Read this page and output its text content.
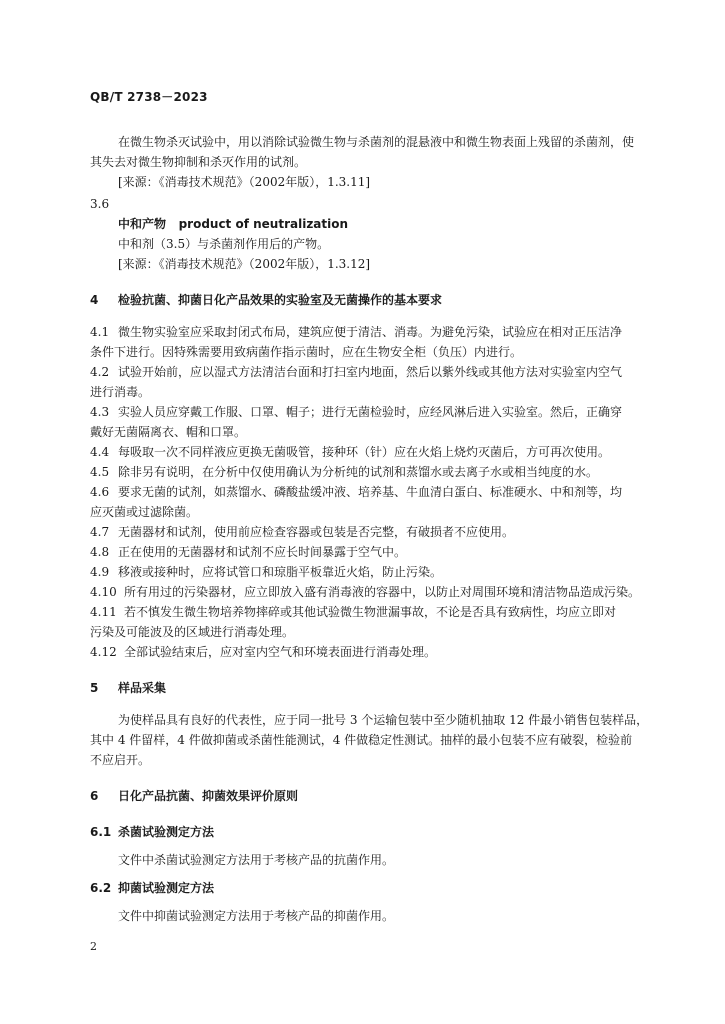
QB/T 2738－2023
在微生物杀灭试验中，用以消除试验微生物与杀菌剂的混悬液中和微生物表面上残留的杀菌剂，使
其失去对微生物抑制和杀灭作用的试剂。
[来源：《消毒技术规范》（2002年版），1.3.11]
3.6
中和产物 product of neutralization
中和剂（3.5）与杀菌剂作用后的产物。
[来源：《消毒技术规范》（2002年版），1.3.12]
4 检验抗菌、抑菌日化产品效果的实验室及无菌操作的基本要求
4.1 微生物实验室应采取封闭式布局，建筑应便于清洁、消毒。为避免污染，试验应在相对正压洁净
条件下进行。因特殊需要用致病菌作指示菌时，应在生物安全柜（负压）内进行。
4.2 试验开始前，应以湿式方法清洁台面和打扫室内地面，然后以紫外线或其他方法对实验室内空气
进行消毒。
4.3 实验人员应穿戴工作服、口罩、帽子；进行无菌检验时，应经风淋后进入实验室。然后，正确穿
戴好无菌隔离衣、帽和口罩。
4.4 每吸取一次不同样液应更换无菌吸管，接种环（针）应在火焰上烧灼灭菌后，方可再次使用。
4.5 除非另有说明，在分析中仅使用确认为分析纯的试剂和蒸馏水或去离子水或相当纯度的水。
4.6 要求无菌的试剂，如蒸馏水、磷酸盐缓冲液、培养基、牛血清白蛋白、标准硬水、中和剂等，均
应灭菌或过滤除菌。
4.7 无菌器材和试剂，使用前应检查容器或包装是否完整，有破损者不应使用。
4.8 正在使用的无菌器材和试剂不应长时间暴露于空气中。
4.9 移液或接种时，应将试管口和琼脂平板靠近火焰，防止污染。
4.10 所有用过的污染器材，应立即放入盛有消毒液的容器中，以防止对周围环境和清洁物品造成污染。
4.11 若不慎发生微生物培养物摔碎或其他试验微生物泄漏事故，不论是否具有致病性，均应立即对
污染及可能波及的区域进行消毒处理。
4.12 全部试验结束后，应对室内空气和环境表面进行消毒处理。
5 样品采集
为使样品具有良好的代表性，应于同一批号 3 个运输包装中至少随机抽取 12 件最小销售包装样品，
其中 4 件留样，4 件做抑菌或杀菌性能测试，4 件做稳定性测试。抽样的最小包装不应有破裂，检验前
不应启开。
6 日化产品抗菌、抑菌效果评价原则
6.1 杀菌试验测定方法
文件中杀菌试验测定方法用于考核产品的抗菌作用。
6.2 抑菌试验测定方法
文件中抑菌试验测定方法用于考核产品的抑菌作用。
2
